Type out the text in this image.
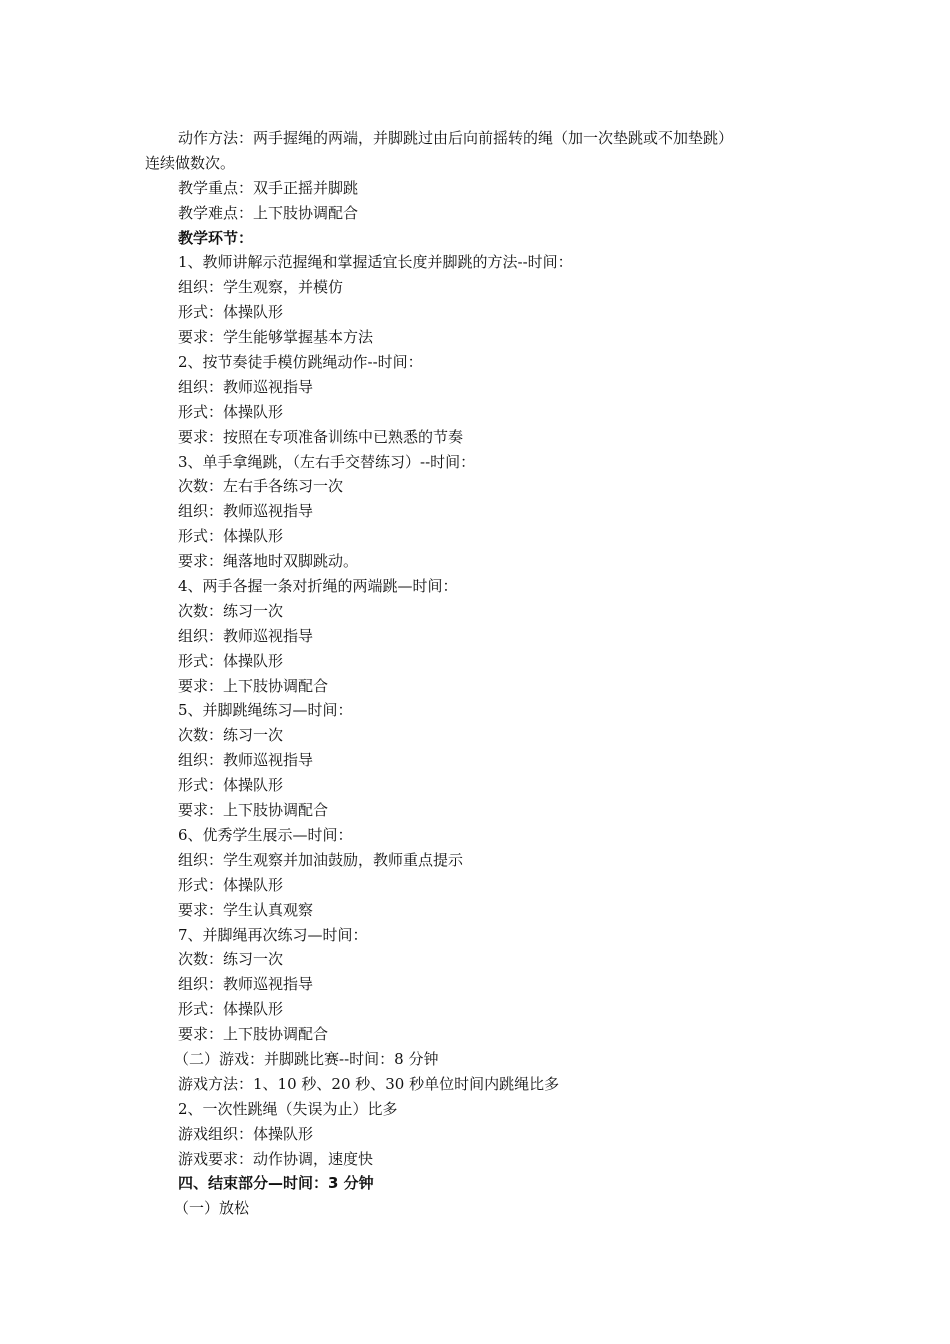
动作方法：两手握绳的两端，并脚跳过由后向前摇转的绳（加一次垫跳或不加垫跳）
连续做数次。
教学重点：双手正摇并脚跳
教学难点：上下肢协调配合
教学环节：
1、教师讲解示范握绳和掌握适宜长度并脚跳的方法--时间：
组织：学生观察，并模仿
形式：体操队形
要求：学生能够掌握基本方法
2、按节奏徒手模仿跳绳动作--时间：
组织：教师巡视指导
形式：体操队形
要求：按照在专项准备训练中已熟悉的节奏
3、单手拿绳跳，（左右手交替练习）--时间：
次数：左右手各练习一次
组织：教师巡视指导
形式：体操队形
要求：绳落地时双脚跳动。
4、两手各握一条对折绳的两端跳—时间：
次数：练习一次
组织：教师巡视指导
形式：体操队形
要求：上下肢协调配合
5、并脚跳绳练习—时间：
次数：练习一次
组织：教师巡视指导
形式：体操队形
要求：上下肢协调配合
6、优秀学生展示—时间：
组织：学生观察并加油鼓励，教师重点提示
形式：体操队形
要求：学生认真观察
7、并脚绳再次练习—时间：
次数：练习一次
组织：教师巡视指导
形式：体操队形
要求：上下肢协调配合
（二）游戏：并脚跳比赛--时间：8 分钟
游戏方法：1、10 秒、20 秒、30 秒单位时间内跳绳比多
2、一次性跳绳（失误为止）比多
游戏组织：体操队形
游戏要求：动作协调，速度快
四、结束部分—时间：3 分钟
（一）放松
